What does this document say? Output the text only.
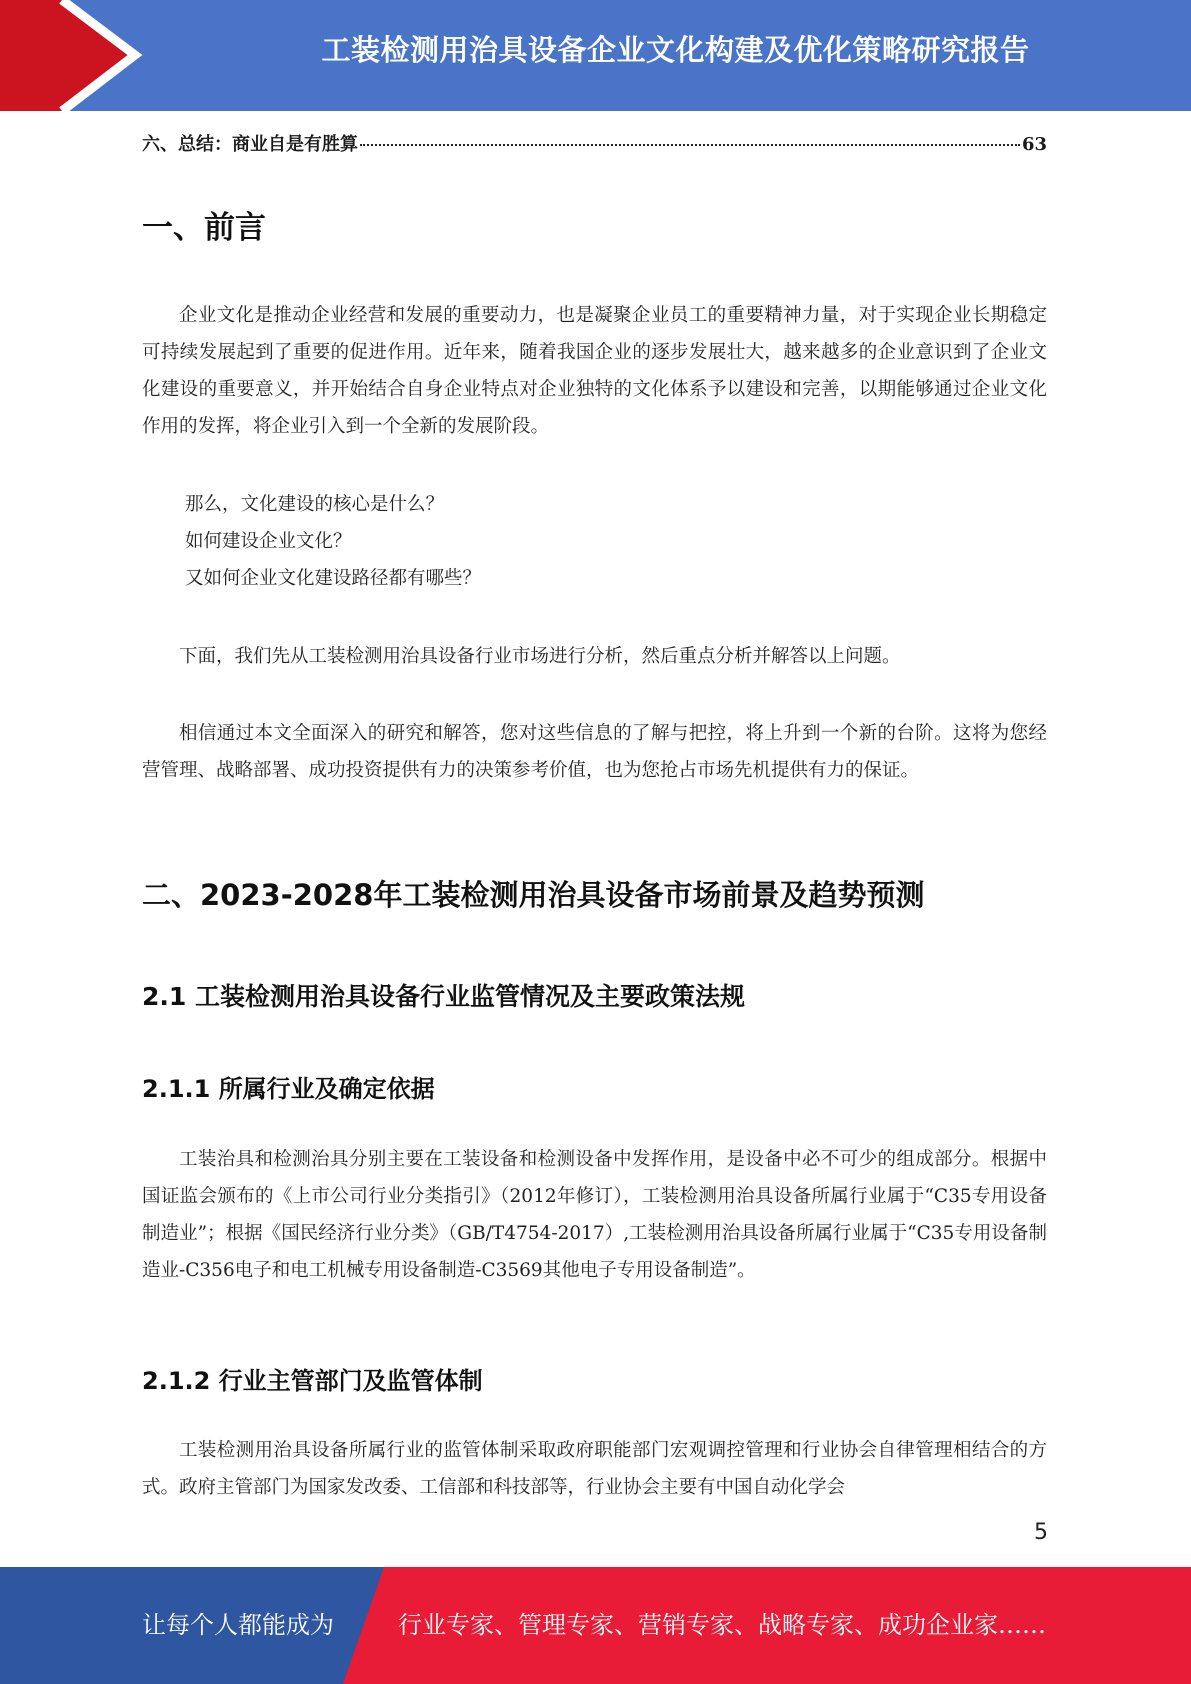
工装检测用治具设备企业文化构建及优化策略研究报告
六、总结：商业自是有胜算	63
一、前言

企业文化是推动企业经营和发展的重要动力，也是凝聚企业员工的重要精神力量，对于实现企业长期稳定可持续发展起到了重要的促进作用。近年来，随着我国企业的逐步发展壮大，越来越多的企业意识到了企业文化建设的重要意义，并开始结合自身企业特点对企业独特的文化体系予以建设和完善，以期能够通过企业文化作用的发挥，将企业引入到一个全新的发展阶段。

那么，文化建设的核心是什么？

如何建设企业文化？

又如何企业文化建设路径都有哪些？

下面，我们先从工装检测用治具设备行业市场进行分析，然后重点分析并解答以上问题。

相信通过本文全面深入的研究和解答，您对这些信息的了解与把控，将上升到一个新的台阶。这将为您经营管理、战略部署、成功投资提供有力的决策参考价值，也为您抢占市场先机提供有力的保证。

二、2023-2028年工装检测用治具设备市场前景及趋势预测
2.1 工装检测用治具设备行业监管情况及主要政策法规
2.1.1 所属行业及确定依据

工装治具和检测治具分别主要在工装设备和检测设备中发挥作用，是设备中必不可少的组成部分。根据中国证监会颁布的《上市公司行业分类指引》（2012年修订），工装检测用治具设备所属行业属于“C35专用设备制造业”；根据《国民经济行业分类》（GB/T4754-2017）,工装检测用治具设备所属行业属于“C35专用设备制造业-C356电子和电工机械专用设备制造-C3569其他电子专用设备制造”。

2.1.2 行业主管部门及监管体制

工装检测用治具设备所属行业的监管体制采取政府职能部门宏观调控管理和行业协会自律管理相结合的方式。政府主管部门为国家发改委、工信部和科技部等，行业协会主要有中国自动化学会

5
让每个人都能成为	行业专家、管理专家、营销专家、战略专家、成功企业家……
